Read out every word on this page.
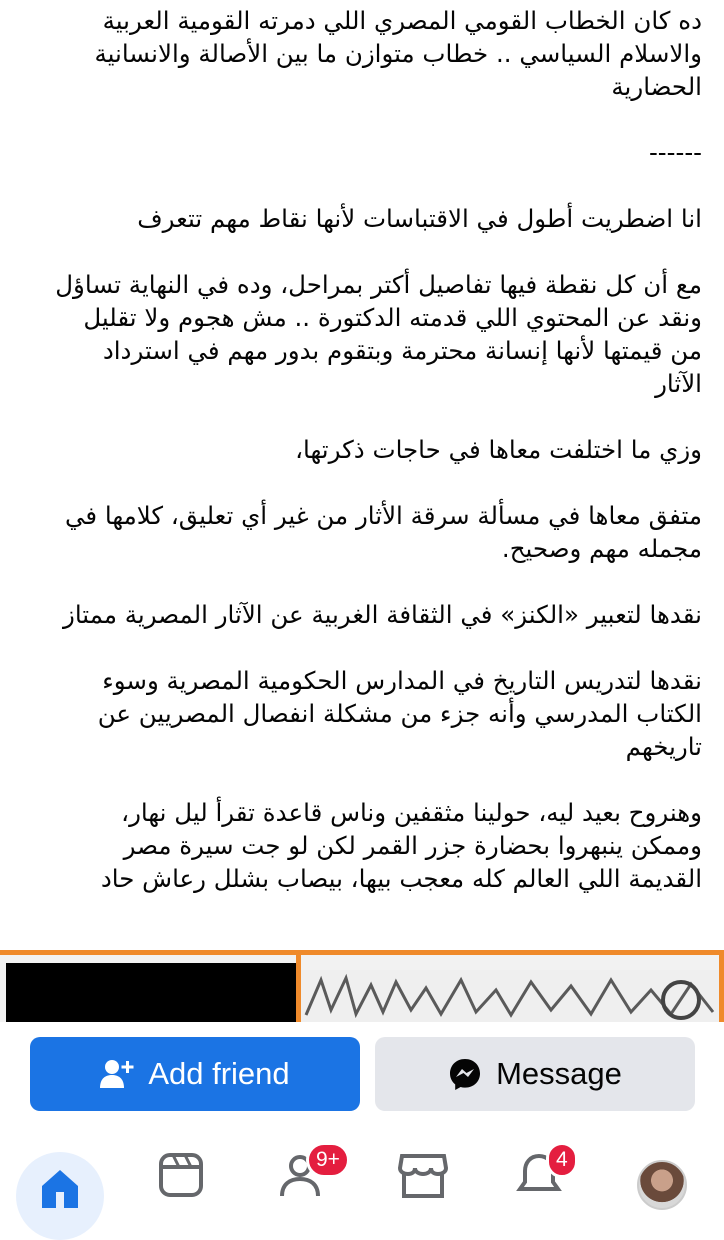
ده كان الخطاب القومي المصري اللي دمرته القومية العربية
والاسلام السياسي .. خطاب متوازن ما بين الأصالة والانسانية
الحضارية

------

انا اضطريت أطول في الاقتباسات لأنها نقاط مهم تتعرف

مع أن كل نقطة فيها تفاصيل أكتر بمراحل، وده في النهاية تساؤل
ونقد عن المحتوي اللي قدمته الدكتورة .. مش هجوم ولا تقليل
من قيمتها لأنها إنسانة محترمة وبتقوم بدور مهم في استرداد
الآثار

وزي ما اختلفت معاها في حاجات ذكرتها،

متفق معاها في مسألة سرقة الأثار من غير أي تعليق، كلامها في
مجمله مهم وصحيح.

نقدها لتعبير «الكنز» في الثقافة الغربية عن الآثار المصرية ممتاز

نقدها لتدريس التاريخ في المدارس الحكومية المصرية وسوء
الكتاب المدرسي وأنه جزء من مشكلة انفصال المصريين عن
تاريخهم

وهنروح بعيد ليه، حولينا مثقفين وناس قاعدة تقرأ ليل نهار،
وممكن ينبهروا بحضارة جزر القمر لكن لو جت سيرة مصر
القديمة اللي العالم كله معجب بيها، بيصاب بشلل رعاش حاد

Add friend	Message
9+	4
